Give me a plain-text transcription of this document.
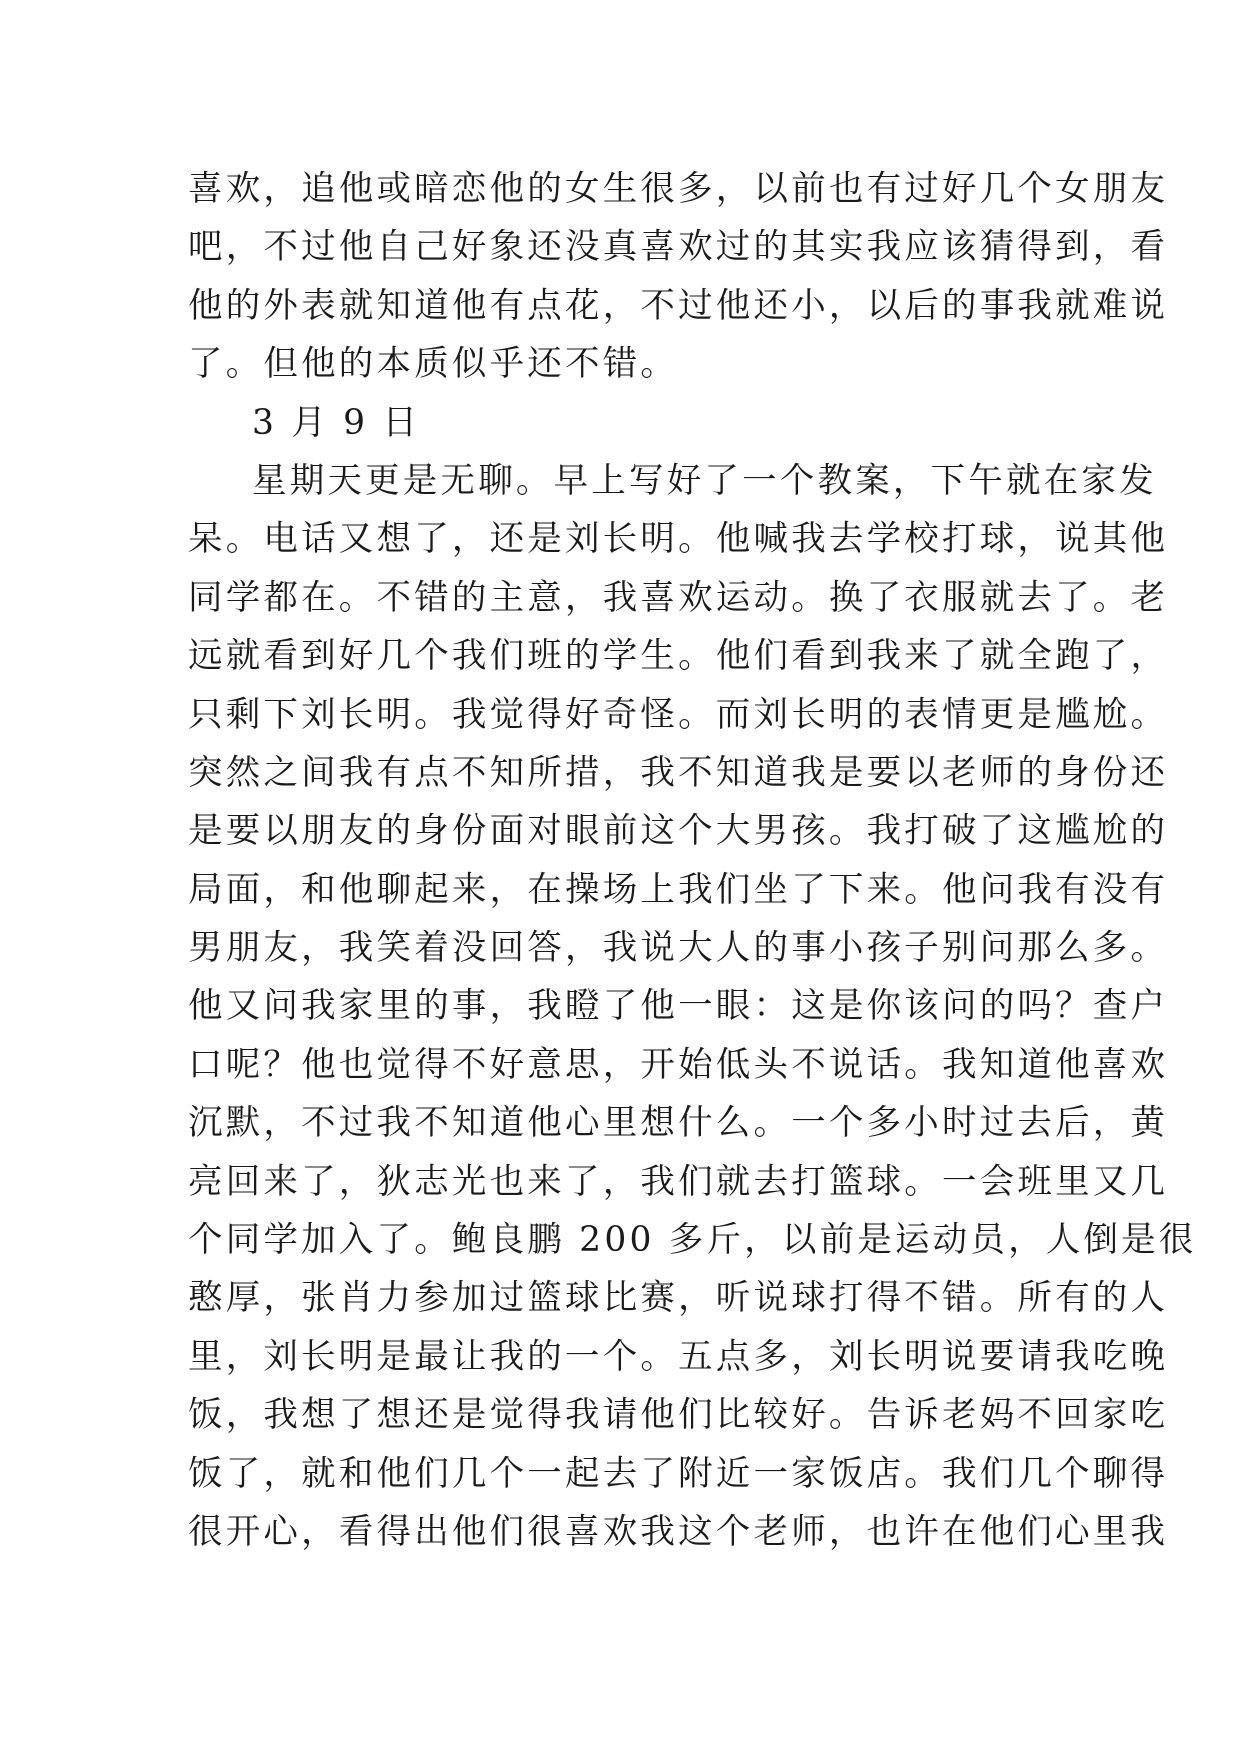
喜欢，追他或暗恋他的女生很多，以前也有过好几个女朋友
吧，不过他自己好象还没真喜欢过的其实我应该猜得到，看
他的外表就知道他有点花，不过他还小，以后的事我就难说
了。但他的本质似乎还不错。
3 月 9 日
星期天更是无聊。早上写好了一个教案，下午就在家发
呆。电话又想了，还是刘长明。他喊我去学校打球，说其他
同学都在。不错的主意，我喜欢运动。换了衣服就去了。老
远就看到好几个我们班的学生。他们看到我来了就全跑了，
只剩下刘长明。我觉得好奇怪。而刘长明的表情更是尴尬。
突然之间我有点不知所措，我不知道我是要以老师的身份还
是要以朋友的身份面对眼前这个大男孩。我打破了这尴尬的
局面，和他聊起来，在操场上我们坐了下来。他问我有没有
男朋友，我笑着没回答，我说大人的事小孩子别问那么多。
他又问我家里的事，我瞪了他一眼：这是你该问的吗？查户
口呢？他也觉得不好意思，开始低头不说话。我知道他喜欢
沉默，不过我不知道他心里想什么。一个多小时过去后，黄
亮回来了，狄志光也来了，我们就去打篮球。一会班里又几
个同学加入了。鲍良鹏 200 多斤，以前是运动员，人倒是很
憨厚，张肖力参加过篮球比赛，听说球打得不错。所有的人
里，刘长明是最让我的一个。五点多，刘长明说要请我吃晚
饭，我想了想还是觉得我请他们比较好。告诉老妈不回家吃
饭了，就和他们几个一起去了附近一家饭店。我们几个聊得
很开心，看得出他们很喜欢我这个老师，也许在他们心里我
